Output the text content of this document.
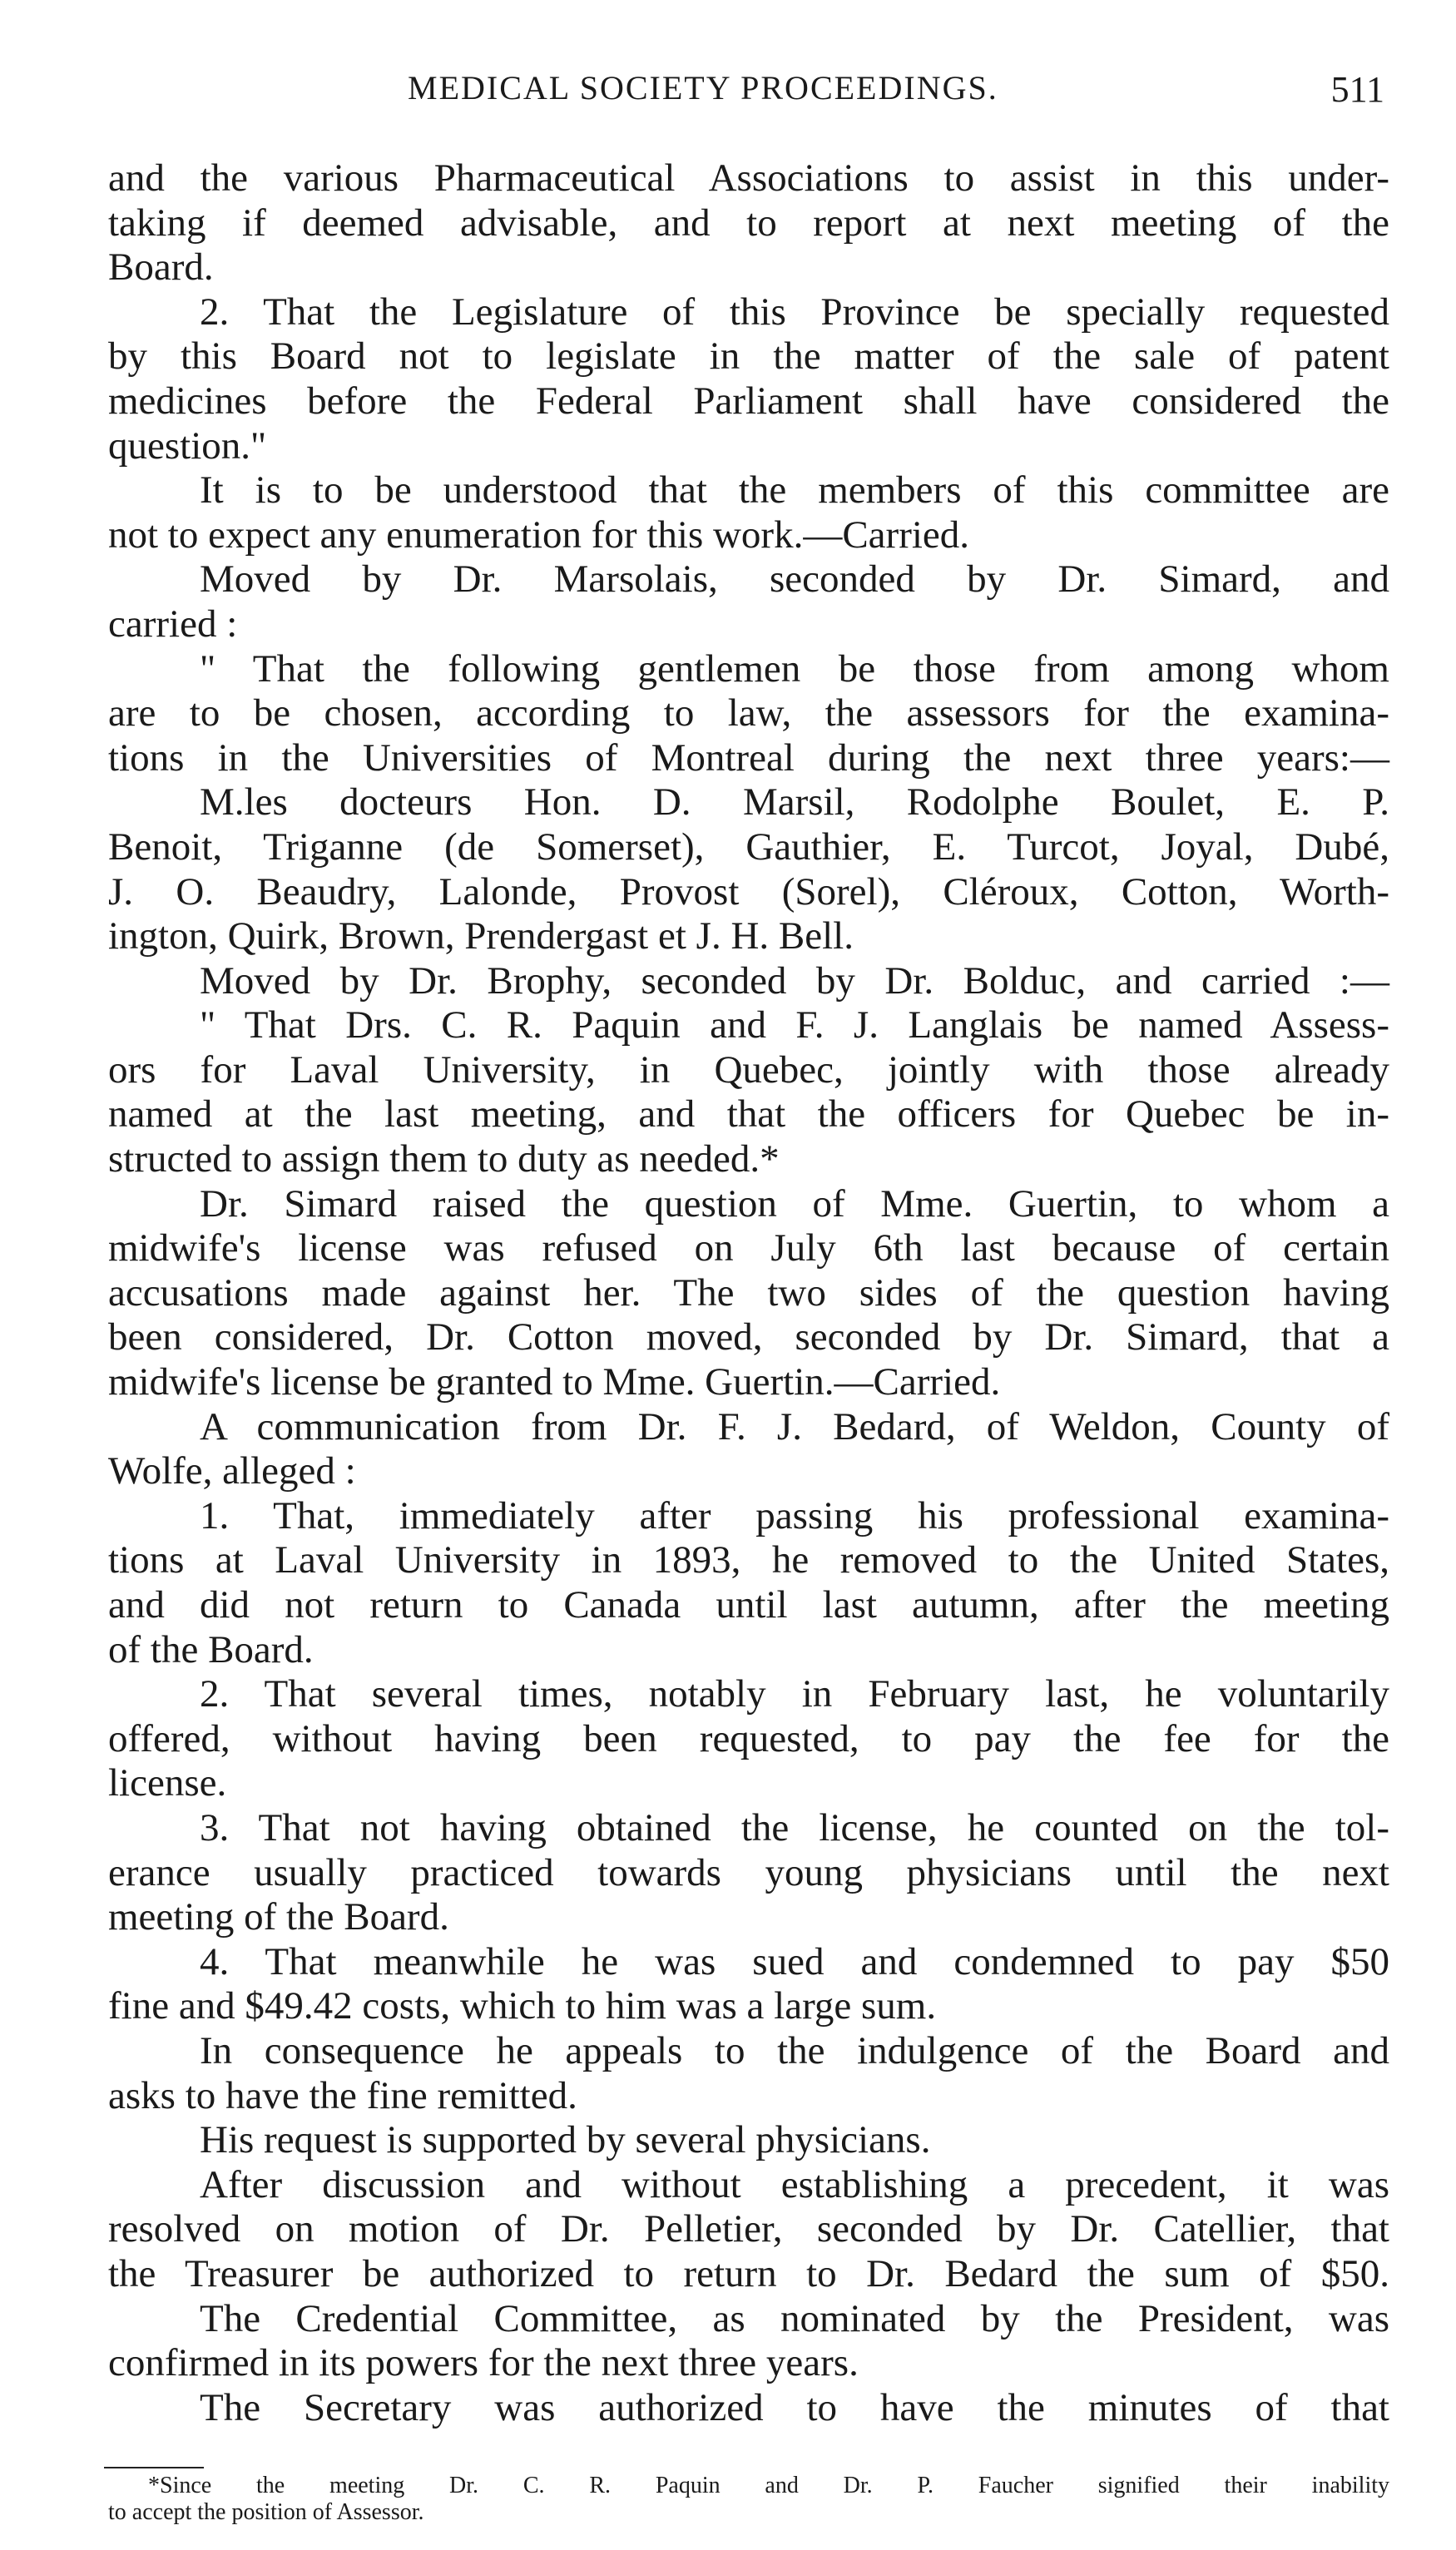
MEDICAL SOCIETY PROCEEDINGS.	511
and the various Pharmaceutical Associations to assist in this under-
taking if deemed advisable, and to report at next meeting of the
Board.
2. That the Legislature of this Province be specially requested
by this Board not to legislate in the matter of the sale of patent
medicines before the Federal Parliament shall have considered the
question."
It is to be understood that the members of this committee are
not to expect any enumeration for this work.—Carried.
Moved by Dr. Marsolais, seconded by Dr. Simard, and
carried :
" That the following gentlemen be those from among whom
are to be chosen, according to law, the assessors for the examina-
tions in the Universities of Montreal during the next three years:—
M.les docteurs Hon. D. Marsil, Rodolphe Boulet, E. P.
Benoit, Triganne (de Somerset), Gauthier, E. Turcot, Joyal, Dubé,
J. O. Beaudry, Lalonde, Provost (Sorel), Cléroux, Cotton, Worth-
ington, Quirk, Brown, Prendergast et J. H. Bell.
Moved by Dr. Brophy, seconded by Dr. Bolduc, and carried :—
" That Drs. C. R. Paquin and F. J. Langlais be named Assess-
ors for Laval University, in Quebec, jointly with those already
named at the last meeting, and that the officers for Quebec be in-
structed to assign them to duty as needed.*
Dr. Simard raised the question of Mme. Guertin, to whom a
midwife's license was refused on July 6th last because of certain
accusations made against her. The two sides of the question having
been considered, Dr. Cotton moved, seconded by Dr. Simard, that a
midwife's license be granted to Mme. Guertin.—Carried.
A communication from Dr. F. J. Bedard, of Weldon, County of
Wolfe, alleged :
1. That, immediately after passing his professional examina-
tions at Laval University in 1893, he removed to the United States,
and did not return to Canada until last autumn, after the meeting
of the Board.
2. That several times, notably in February last, he voluntarily
offered, without having been requested, to pay the fee for the
license.
3. That not having obtained the license, he counted on the tol-
erance usually practiced towards young physicians until the next
meeting of the Board.
4. That meanwhile he was sued and condemned to pay $50
fine and $49.42 costs, which to him was a large sum.
In consequence he appeals to the indulgence of the Board and
asks to have the fine remitted.
His request is supported by several physicians.
After discussion and without establishing a precedent, it was
resolved on motion of Dr. Pelletier, seconded by Dr. Catellier, that
the Treasurer be authorized to return to Dr. Bedard the sum of $50.
The Credential Committee, as nominated by the President, was
confirmed in its powers for the next three years.
The Secretary was authorized to have the minutes of that
*Since the meeting Dr. C. R. Paquin and Dr. P. Faucher signified their inability
to accept the position of Assessor.
